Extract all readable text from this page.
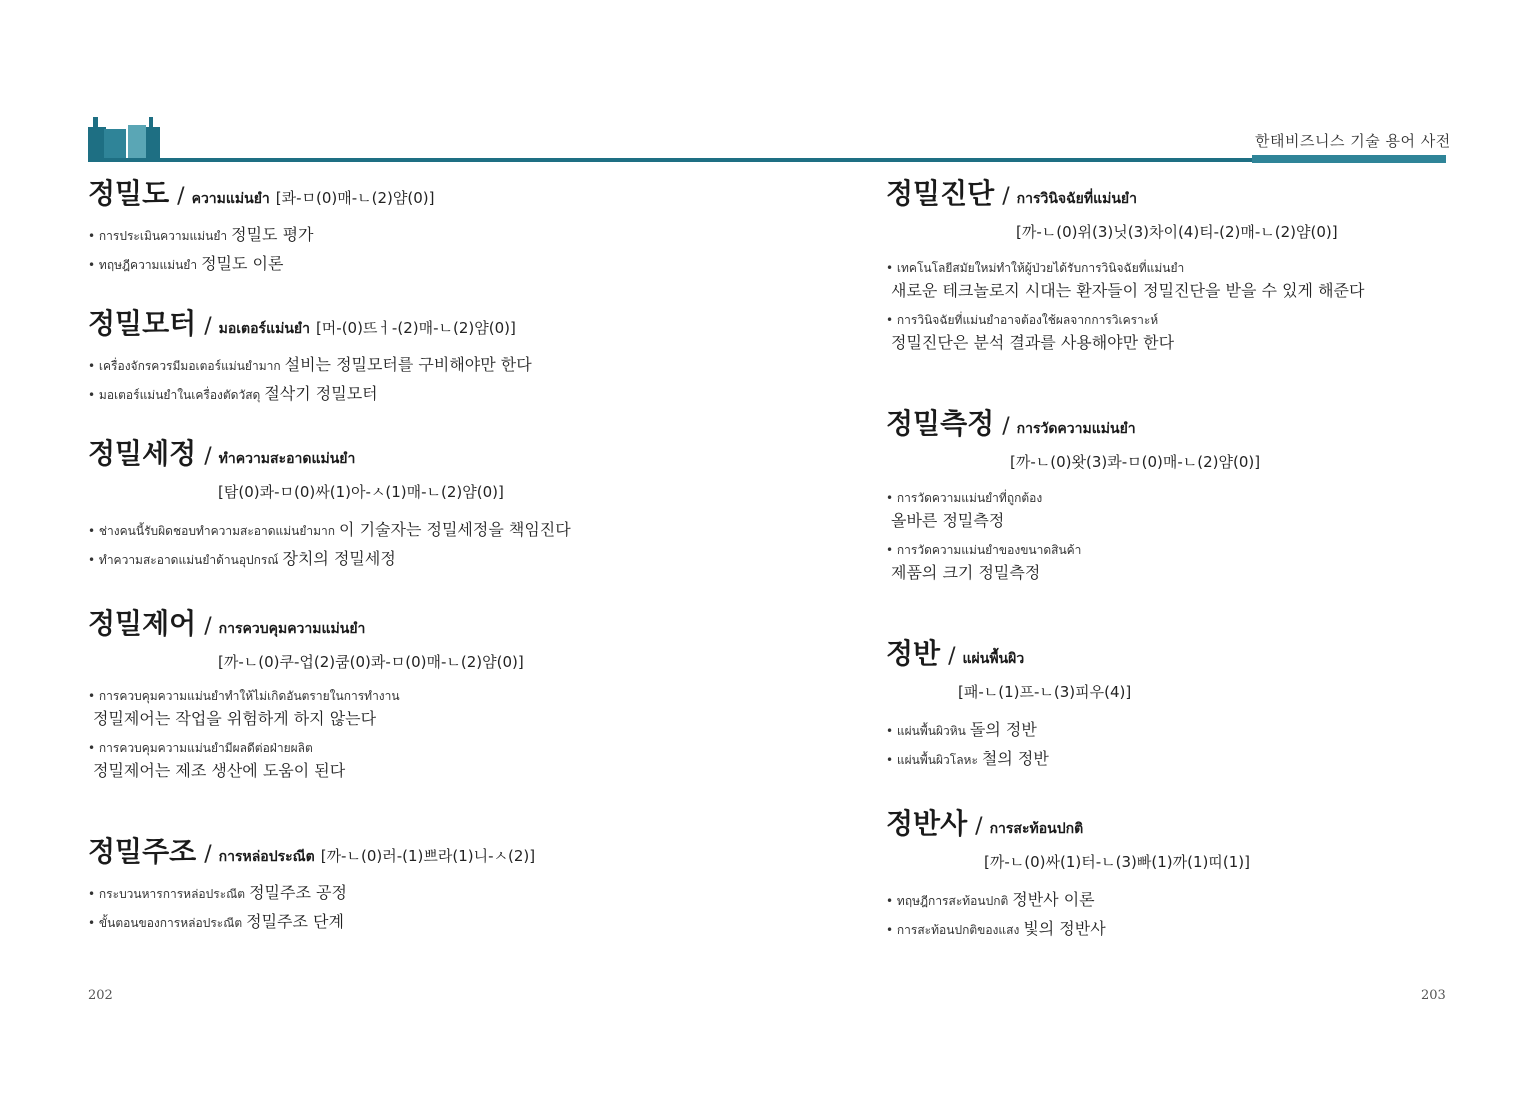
한태비즈니스 기술 용어 사전
정밀도 / ความแม่นยำ [콰-ㅁ(0)매-ㄴ(2)얌(0)]
• การประเมินความแม่นยำ 정밀도 평가
• ทฤษฎีความแม่นยำ 정밀도 이론
정밀모터 / มอเตอร์แม่นยำ [머-(0)뜨ㅓ-(2)매-ㄴ(2)얌(0)]
• เครื่องจักรควรมีมอเตอร์แม่นยำมาก 설비는 정밀모터를 구비해야만 한다
• มอเตอร์แม่นยำในเครื่องตัดวัสดุ 절삭기 정밀모터
정밀세정 / ทำความสะอาดแม่นยำ
[탐(0)콰-ㅁ(0)싸(1)아-ㅅ(1)매-ㄴ(2)얌(0)]
• ช่างคนนี้รับผิดชอบทำความสะอาดแม่นยำมาก 이 기술자는 정밀세정을 책임진다
• ทำความสะอาดแม่นยำด้านอุปกรณ์ 장치의 정밀세정
정밀제어 / การควบคุมความแม่นยำ
[까-ㄴ(0)쿠-업(2)쿰(0)콰-ㅁ(0)매-ㄴ(2)얌(0)]
• การควบคุมความแม่นยำทำให้ไม่เกิดอันตรายในการทำงาน
정밀제어는 작업을 위험하게 하지 않는다
• การควบคุมความแม่นยำมีผลดีต่อฝ่ายผลิต
정밀제어는 제조 생산에 도움이 된다
정밀주조 / การหล่อประณีต [까-ㄴ(0)러-(1)쁘라(1)니-ㅅ(2)]
• กระบวนหารการหล่อประณีต 정밀주조 공정
• ขั้นตอนของการหล่อประณีต 정밀주조 단계
정밀진단 / การวินิจฉัยที่แม่นยำ
[까-ㄴ(0)위(3)닛(3)차이(4)티-(2)매-ㄴ(2)얌(0)]
• เทคโนโลยีสมัยใหม่ทำให้ผู้ป่วยได้รับการวินิจฉัยที่แม่นยำ
새로운 테크놀로지 시대는 환자들이 정밀진단을 받을 수 있게 해준다
• การวินิจฉัยที่แม่นยำอาจต้องใช้ผลจากการวิเคราะห์
정밀진단은 분석 결과를 사용해야만 한다
정밀측정 / การวัดความแม่นยำ
[까-ㄴ(0)왓(3)콰-ㅁ(0)매-ㄴ(2)얌(0)]
• การวัดความแม่นยำที่ถูกต้อง
올바른 정밀측정
• การวัดความแม่นยำของขนาดสินค้า
제품의 크기 정밀측정
정반 / แผ่นพื้นผิว
[패-ㄴ(1)프-ㄴ(3)피우(4)]
• แผ่นพื้นผิวหิน 돌의 정반
• แผ่นพื้นผิวโลหะ 철의 정반
정반사 / การสะท้อนปกติ
[까-ㄴ(0)싸(1)터-ㄴ(3)빠(1)까(1)띠(1)]
• ทฤษฎีการสะท้อนปกติ 정반사 이론
• การสะท้อนปกติของแสง 빛의 정반사
202	203
